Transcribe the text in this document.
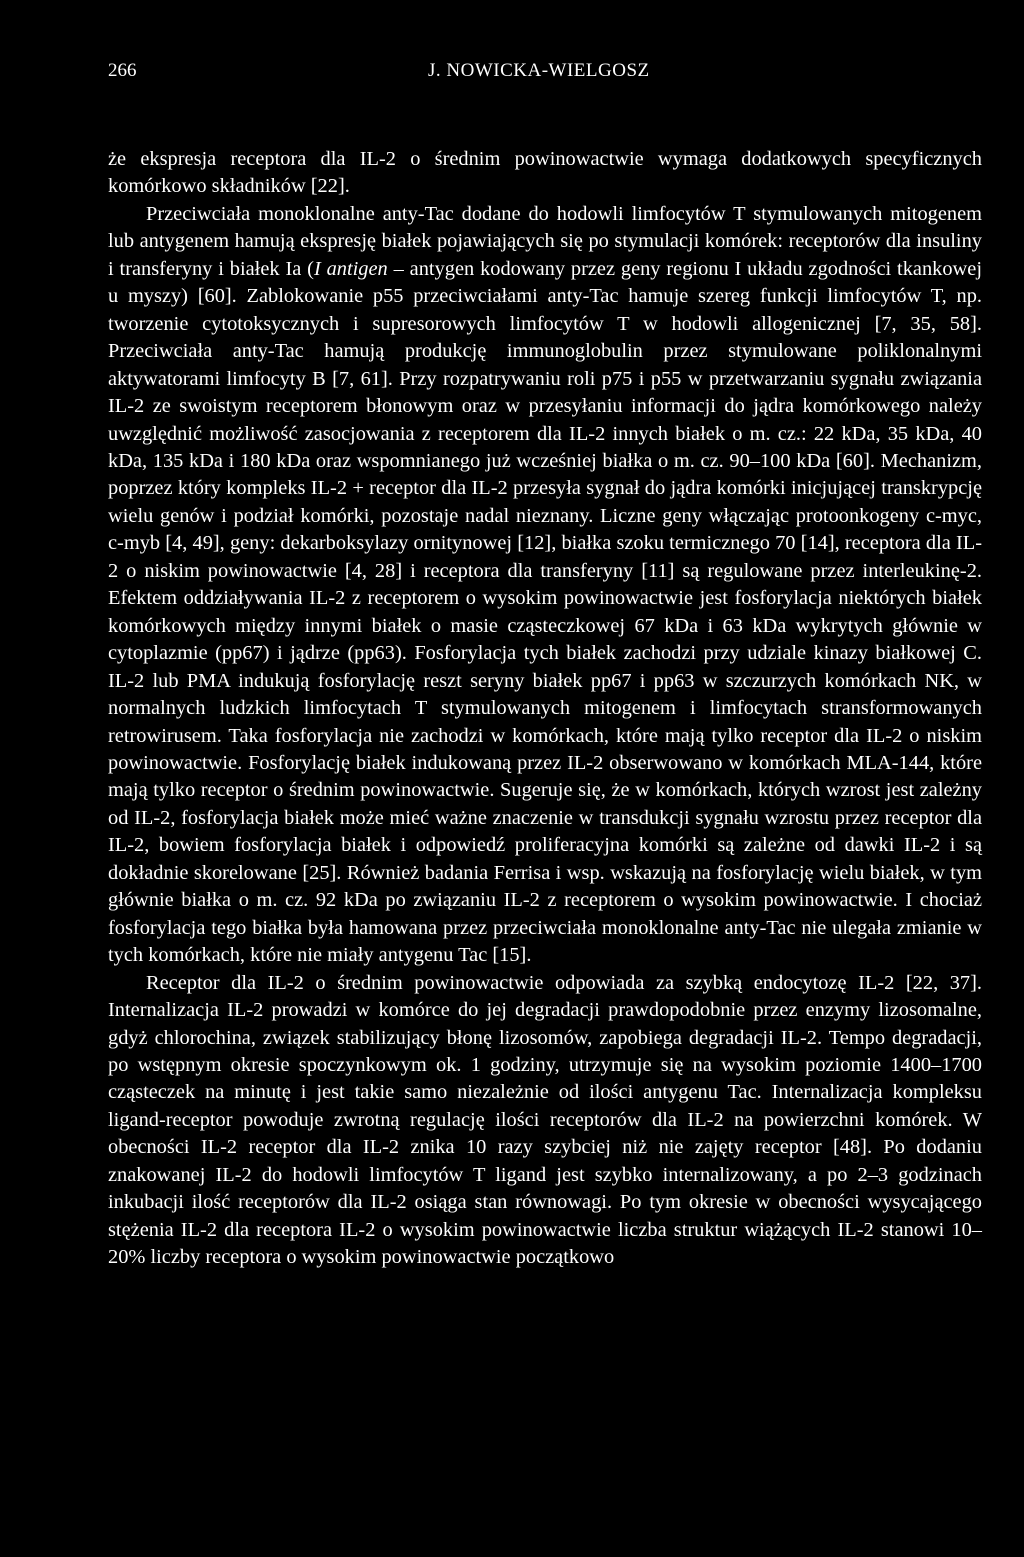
266	J. NOWICKA-WIELGOSZ

że ekspresja receptora dla IL-2 o średnim powinowactwie wymaga dodatkowych specyficznych komórkowo składników [22].

Przeciwciała monoklonalne anty-Tac dodane do hodowli limfocytów T stymulowanych mitogenem lub antygenem hamują ekspresję białek pojawiających się po stymulacji komórek: receptorów dla insuliny i transferyny i białek Ia (I antigen – antygen kodowany przez geny regionu I układu zgodności tkankowej u myszy) [60]. Zablokowanie p55 przeciwciałami anty-Tac hamuje szereg funkcji limfocytów T, np. tworzenie cytotoksycznych i supresorowych limfocytów T w hodowli allogenicznej [7, 35, 58]. Przeciwciała anty-Tac hamują produkcję immunoglobulin przez stymulowane poliklonalnymi aktywatorami limfocyty B [7, 61]. Przy rozpatrywaniu roli p75 i p55 w przetwarzaniu sygnału związania IL-2 ze swoistym receptorem błonowym oraz w przesyłaniu informacji do jądra komórkowego należy uwzględnić możliwość zasocjowania z receptorem dla IL-2 innych białek o m. cz.: 22 kDa, 35 kDa, 40 kDa, 135 kDa i 180 kDa oraz wspomnianego już wcześniej białka o m. cz. 90–100 kDa [60]. Mechanizm, poprzez który kompleks IL-2 + receptor dla IL-2 przesyła sygnał do jądra komórki inicjującej transkrypcję wielu genów i podział komórki, pozostaje nadal nieznany. Liczne geny włączając protoonkogeny c-myc, c-myb [4, 49], geny: dekarboksylazy ornitynowej [12], białka szoku termicznego 70 [14], receptora dla IL-2 o niskim powinowactwie [4, 28] i receptora dla transferyny [11] są regulowane przez interleukinę-2. Efektem oddziaływania IL-2 z receptorem o wysokim powinowactwie jest fosforylacja niektórych białek komórkowych między innymi białek o masie cząsteczkowej 67 kDa i 63 kDa wykrytych głównie w cytoplazmie (pp67) i jądrze (pp63). Fosforylacja tych białek zachodzi przy udziale kinazy białkowej C. IL-2 lub PMA indukują fosforylację reszt seryny białek pp67 i pp63 w szczurzych komórkach NK, w normalnych ludzkich limfocytach T stymulowanych mitogenem i limfocytach stransformowanych retrowirusem. Taka fosforylacja nie zachodzi w komórkach, które mają tylko receptor dla IL-2 o niskim powinowactwie. Fosforylację białek indukowaną przez IL-2 obserwowano w komórkach MLA-144, które mają tylko receptor o średnim powinowactwie. Sugeruje się, że w komórkach, których wzrost jest zależny od IL-2, fosforylacja białek może mieć ważne znaczenie w transdukcji sygnału wzrostu przez receptor dla IL-2, bowiem fosforylacja białek i odpowiedź proliferacyjna komórki są zależne od dawki IL-2 i są dokładnie skorelowane [25]. Również badania Ferrisa i wsp. wskazują na fosforylację wielu białek, w tym głównie białka o m. cz. 92 kDa po związaniu IL-2 z receptorem o wysokim powinowactwie. I chociaż fosforylacja tego białka była hamowana przez przeciwciała monoklonalne anty-Tac nie ulegała zmianie w tych komórkach, które nie miały antygenu Tac [15].

Receptor dla IL-2 o średnim powinowactwie odpowiada za szybką endocytozę IL-2 [22, 37]. Internalizacja IL-2 prowadzi w komórce do jej degradacji prawdopodobnie przez enzymy lizosomalne, gdyż chlorochina, związek stabilizujący błonę lizosomów, zapobiega degradacji IL-2. Tempo degradacji, po wstępnym okresie spoczynkowym ok. 1 godziny, utrzymuje się na wysokim poziomie 1400–1700 cząsteczek na minutę i jest takie samo niezależnie od ilości antygenu Tac. Internalizacja kompleksu ligand-receptor powoduje zwrotną regulację ilości receptorów dla IL-2 na powierzchni komórek. W obecności IL-2 receptor dla IL-2 znika 10 razy szybciej niż nie zajęty receptor [48]. Po dodaniu znakowanej IL-2 do hodowli limfocytów T ligand jest szybko internalizowany, a po 2–3 godzinach inkubacji ilość receptorów dla IL-2 osiąga stan równowagi. Po tym okresie w obecności wysycającego stężenia IL-2 dla receptora IL-2 o wysokim powinowactwie liczba struktur wiążących IL-2 stanowi 10–20% liczby receptora o wysokim powinowactwie początkowo
